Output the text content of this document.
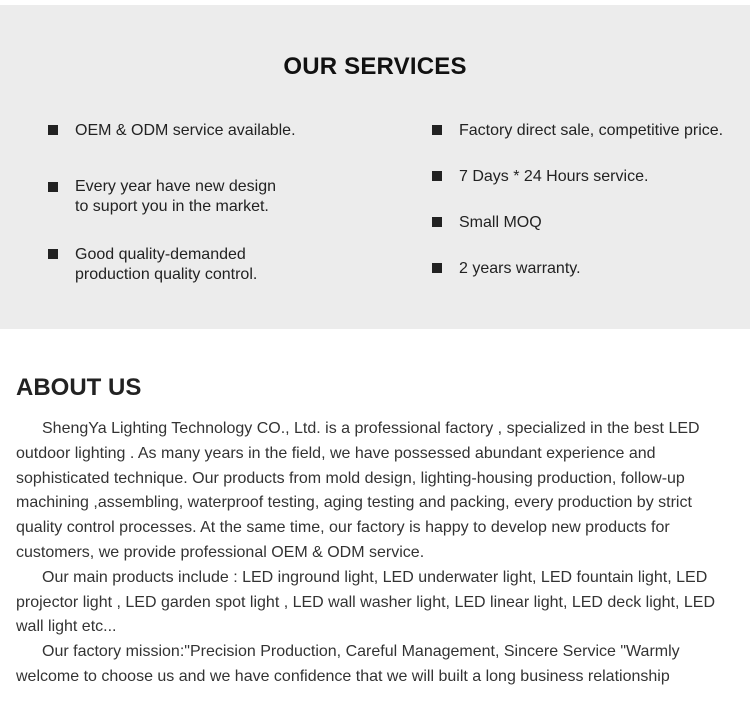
OUR SERVICES
OEM & ODM service available.
Every year have new design
to suport you in the market.
Good quality-demanded
production quality control.
Factory direct sale, competitive price.
7 Days * 24 Hours service.
Small MOQ
2 years warranty.
ABOUT US

ShengYa Lighting Technology CO., Ltd. is a professional factory , specialized in the best LED outdoor lighting . As many years in the field, we have possessed abundant experience and sophisticated technique. Our products from mold design, lighting-housing production, follow-up machining ,assembling, waterproof testing, aging testing and packing, every production by strict quality control processes. At the same time, our factory is happy to develop new products for customers, we provide professional OEM & ODM service.

Our main products include : LED inground light, LED underwater light, LED fountain light, LED projector light , LED garden spot light , LED wall washer light, LED linear light, LED deck light, LED wall light etc...

Our factory mission:"Precision Production, Careful Management, Sincere Service "Warmly welcome to choose us and we have confidence that we will built a long business relationship
